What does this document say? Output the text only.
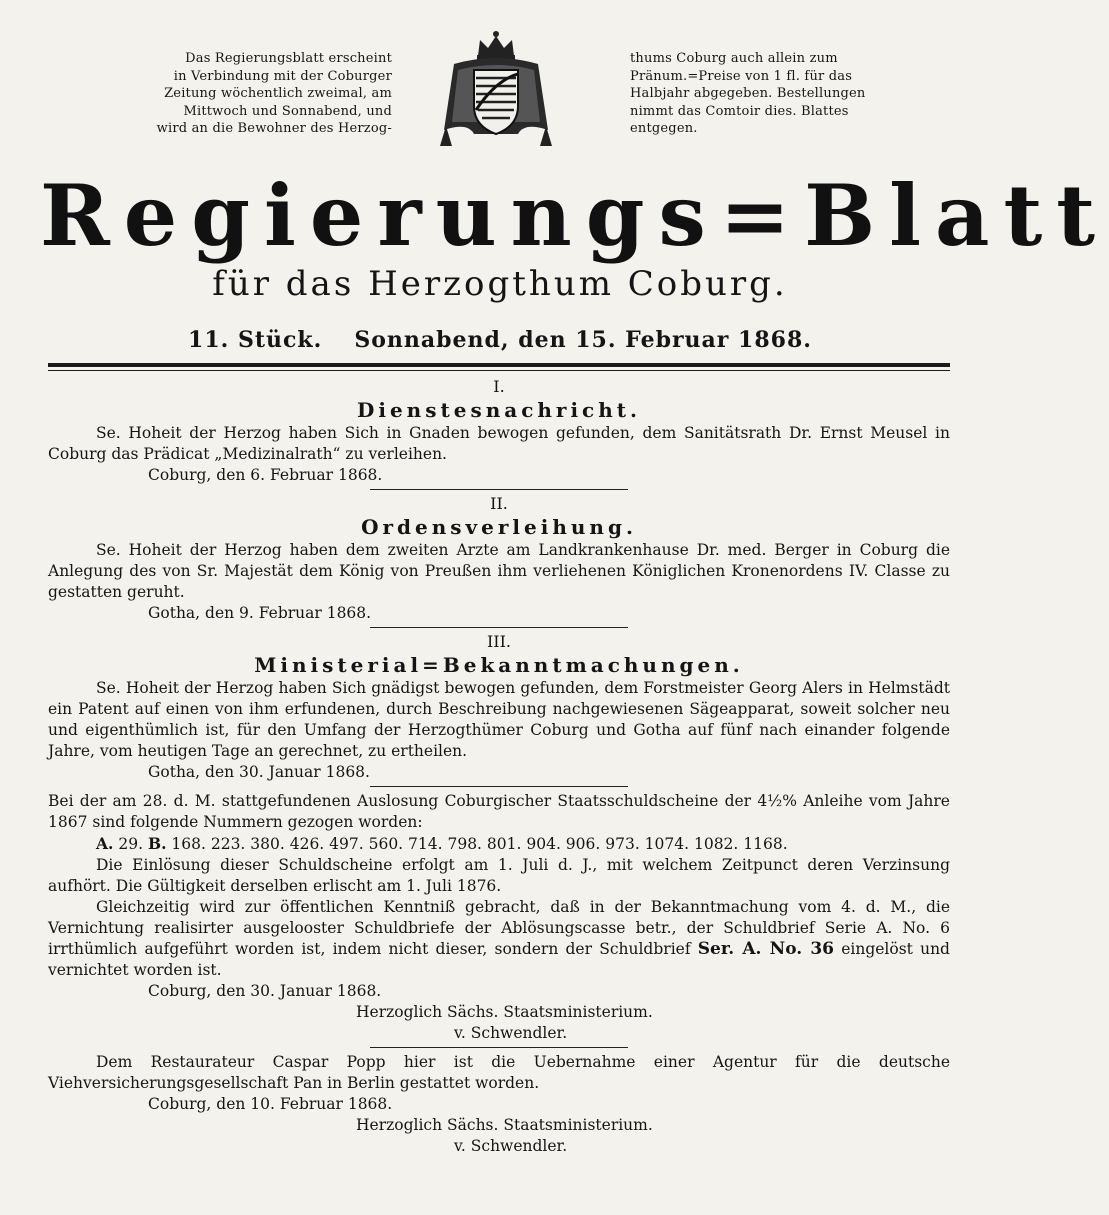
Das Regierungsblatt erscheint

in Verbindung mit der Coburger

Zeitung wöchentlich zweimal, am

Mittwoch und Sonnabend, und

wird an die Bewohner des Herzog-

thums Coburg auch allein zum

Pränum.=Preise von 1 fl. für das

Halbjahr abgegeben. Bestellungen

nimmt das Comtoir dies. Blattes

entgegen.

Regierungs=Blatt
für das Herzogthum Coburg.
11. Stück. Sonnabend, den 15. Februar 1868.
I.
Dienstesnachricht.

Se. Hoheit der Herzog haben Sich in Gnaden bewogen gefunden, dem Sanitätsrath Dr. Ernst Meusel in Coburg das Prädicat „Medizinalrath“ zu verleihen.

Coburg, den 6. Februar 1868.

II.
Ordensverleihung.

Se. Hoheit der Herzog haben dem zweiten Arzte am Landkrankenhause Dr. med. Berger in Coburg die Anlegung des von Sr. Majestät dem König von Preußen ihm verliehenen Königlichen Kronenordens IV. Classe zu gestatten geruht.

Gotha, den 9. Februar 1868.

III.
Ministerial=Bekanntmachungen.

Se. Hoheit der Herzog haben Sich gnädigst bewogen gefunden, dem Forstmeister Georg Alers in Helmstädt ein Patent auf einen von ihm erfundenen, durch Beschreibung nachgewiesenen Sägeapparat, soweit solcher neu und eigenthümlich ist, für den Umfang der Herzogthümer Coburg und Gotha auf fünf nach einander folgende Jahre, vom heutigen Tage an gerechnet, zu ertheilen.

Gotha, den 30. Januar 1868.

Bei der am 28. d. M. stattgefundenen Auslosung Coburgischer Staatsschuldscheine der 4½% Anleihe vom Jahre 1867 sind folgende Nummern gezogen worden:

A. 29. B. 168. 223. 380. 426. 497. 560. 714. 798. 801. 904. 906. 973. 1074. 1082. 1168.

Die Einlösung dieser Schuldscheine erfolgt am 1. Juli d. J., mit welchem Zeitpunct deren Verzinsung aufhört. Die Gültigkeit derselben erlischt am 1. Juli 1876.

Gleichzeitig wird zur öffentlichen Kenntniß gebracht, daß in der Bekanntmachung vom 4. d. M., die Vernichtung realisirter ausgelooster Schuldbriefe der Ablösungscasse betr., der Schuldbrief Serie A. No. 6 irrthümlich aufgeführt worden ist, indem nicht dieser, sondern der Schuldbrief Ser. A. No. 36 eingelöst und vernichtet worden ist.

Coburg, den 30. Januar 1868.

Herzoglich Sächs. Staatsministerium.

v. Schwendler.

Dem Restaurateur Caspar Popp hier ist die Uebernahme einer Agentur für die deutsche Viehversicherungsgesellschaft Pan in Berlin gestattet worden.

Coburg, den 10. Februar 1868.

Herzoglich Sächs. Staatsministerium.

v. Schwendler.
